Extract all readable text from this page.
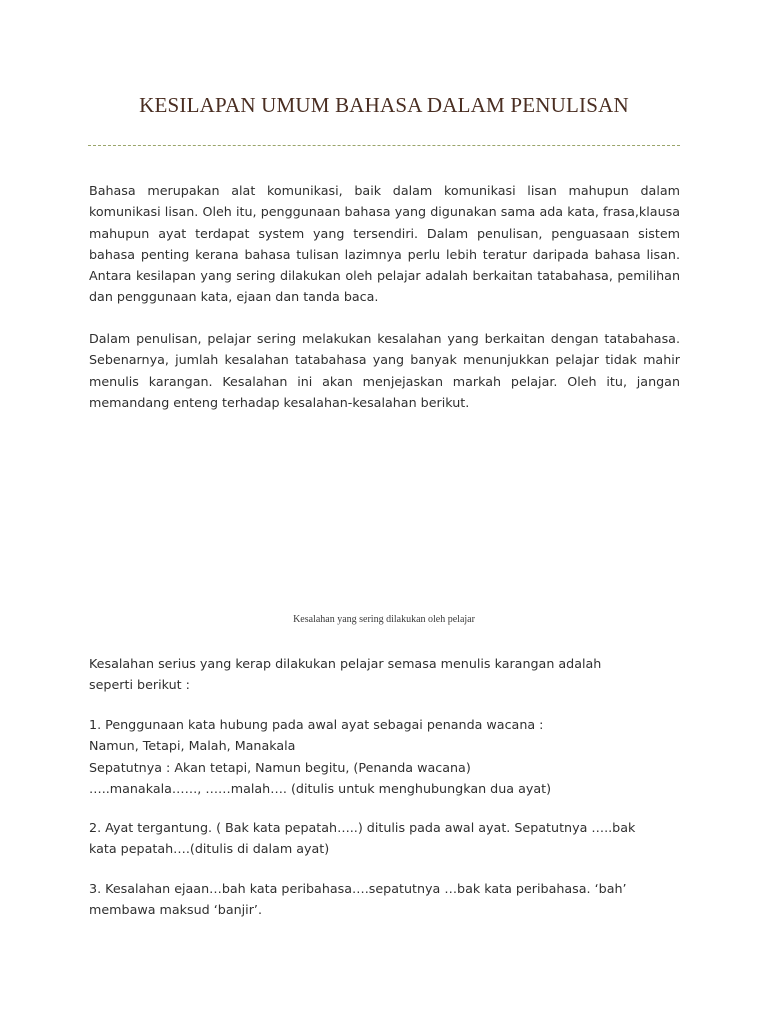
KESILAPAN UMUM BAHASA DALAM PENULISAN

Bahasa merupakan alat komunikasi, baik dalam komunikasi lisan mahupun dalam komunikasi lisan. Oleh itu, penggunaan bahasa yang digunakan sama ada kata, frasa,klausa mahupun ayat terdapat system yang tersendiri. Dalam penulisan, penguasaan sistem bahasa penting kerana bahasa tulisan lazimnya perlu lebih teratur daripada bahasa lisan. Antara kesilapan yang sering dilakukan oleh pelajar adalah berkaitan tatabahasa, pemilihan dan penggunaan kata, ejaan dan tanda baca.

Dalam penulisan, pelajar sering melakukan kesalahan yang berkaitan dengan tatabahasa. Sebenarnya, jumlah kesalahan tatabahasa yang banyak menunjukkan pelajar tidak mahir menulis karangan. Kesalahan ini akan menjejaskan markah pelajar. Oleh itu, jangan memandang enteng terhadap kesalahan-kesalahan berikut.

Kesalahan yang sering dilakukan oleh pelajar
Kesalahan serius yang kerap dilakukan pelajar semasa menulis karangan adalah
seperti berikut :
1. Penggunaan kata hubung pada awal ayat sebagai penanda wacana :
Namun, Tetapi, Malah, Manakala
Sepatutnya : Akan tetapi, Namun begitu, (Penanda wacana)
…..manakala……, ……malah…. (ditulis untuk menghubungkan dua ayat)
2. Ayat tergantung. ( Bak kata pepatah…..) ditulis pada awal ayat. Sepatutnya …..bak
kata pepatah….(ditulis di dalam ayat)
3. Kesalahan ejaan…bah kata peribahasa….sepatutnya …bak kata peribahasa. ‘bah’
membawa maksud ‘banjir’.
